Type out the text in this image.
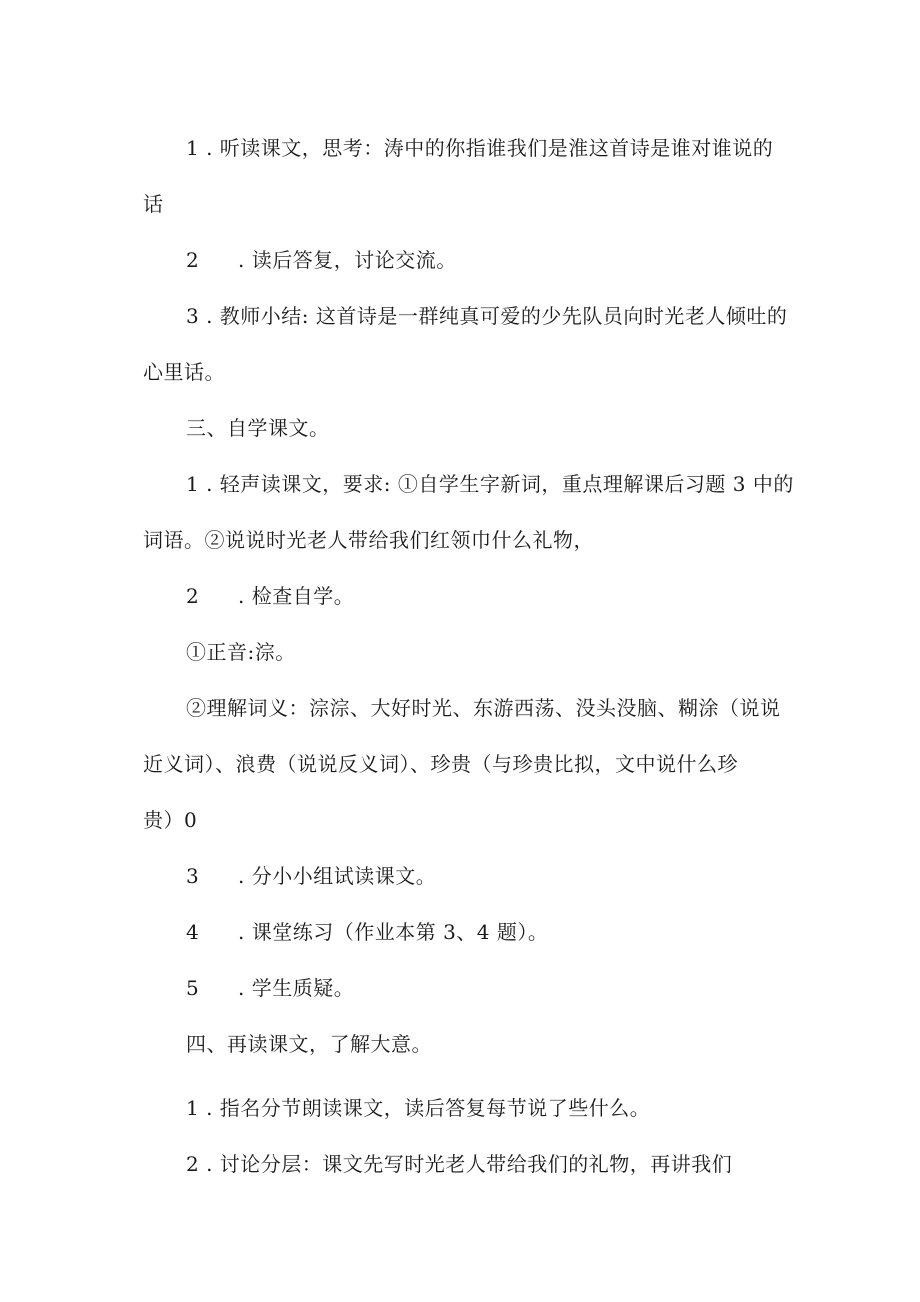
1 . 听读课文，思考：涛中的你指谁我们是淮这首诗是谁对谁说的
话
2 . 读后答复，讨论交流。
3 . 教师小结: 这首诗是一群纯真可爱的少先队员向时光老人倾吐的
心里话。
三、自学课文。
1 . 轻声读课文，要求: ①自学生字新词，重点理解课后习题 3 中的
词语。②说说时光老人带给我们红领巾什么礼物，
2 . 检查自学。
①正音:淙。
②理解词义：淙淙、大好时光、东游西荡、没头没脑、糊涂（说说
近义词）、浪费（说说反义词）、珍贵（与珍贵比拟，文中说什么珍
贵）0
3 . 分小小组试读课文。
4 . 课堂练习（作业本第 3、4 题）。
5 . 学生质疑。
四、再读课文，了解大意。
1 . 指名分节朗读课文，读后答复每节说了些什么。
2 . 讨论分层：课文先写时光老人带给我们的礼物，再讲我们
